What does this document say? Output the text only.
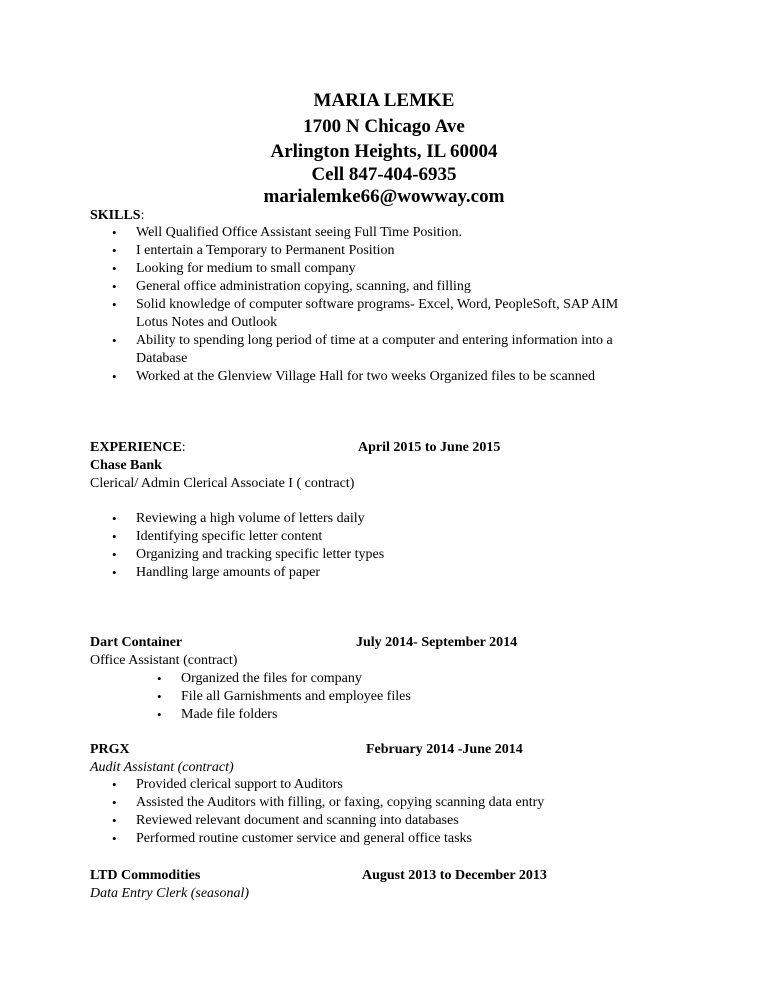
MARIA LEMKE
1700 N Chicago Ave
Arlington Heights, IL 60004
Cell 847-404-6935
marialemke66@wowway.com
SKILLS:
• Well Qualified Office Assistant seeing Full Time Position.
• I entertain a Temporary to Permanent Position
• Looking for medium to small company
• General office administration copying, scanning, and filling
• Solid knowledge of computer software programs- Excel, Word, PeopleSoft, SAP AIM
Lotus Notes and Outlook
• Ability to spending long period of time at a computer and entering information into a
Database
• Worked at the Glenview Village Hall for two weeks Organized files to be scanned
EXPERIENCE:	April 2015 to June 2015
Chase Bank
Clerical/ Admin Clerical Associate I ( contract)
• Reviewing a high volume of letters daily
• Identifying specific letter content
• Organizing and tracking specific letter types
• Handling large amounts of paper
Dart Container	July 2014- September 2014
Office Assistant (contract)
• Organized the files for company
• File all Garnishments and employee files
• Made file folders
PRGX	February 2014 -June 2014
Audit Assistant (contract)
• Provided clerical support to Auditors
• Assisted the Auditors with filling, or faxing, copying scanning data entry
• Reviewed relevant document and scanning into databases
• Performed routine customer service and general office tasks
LTD Commodities	August 2013 to December 2013
Data Entry Clerk (seasonal)
